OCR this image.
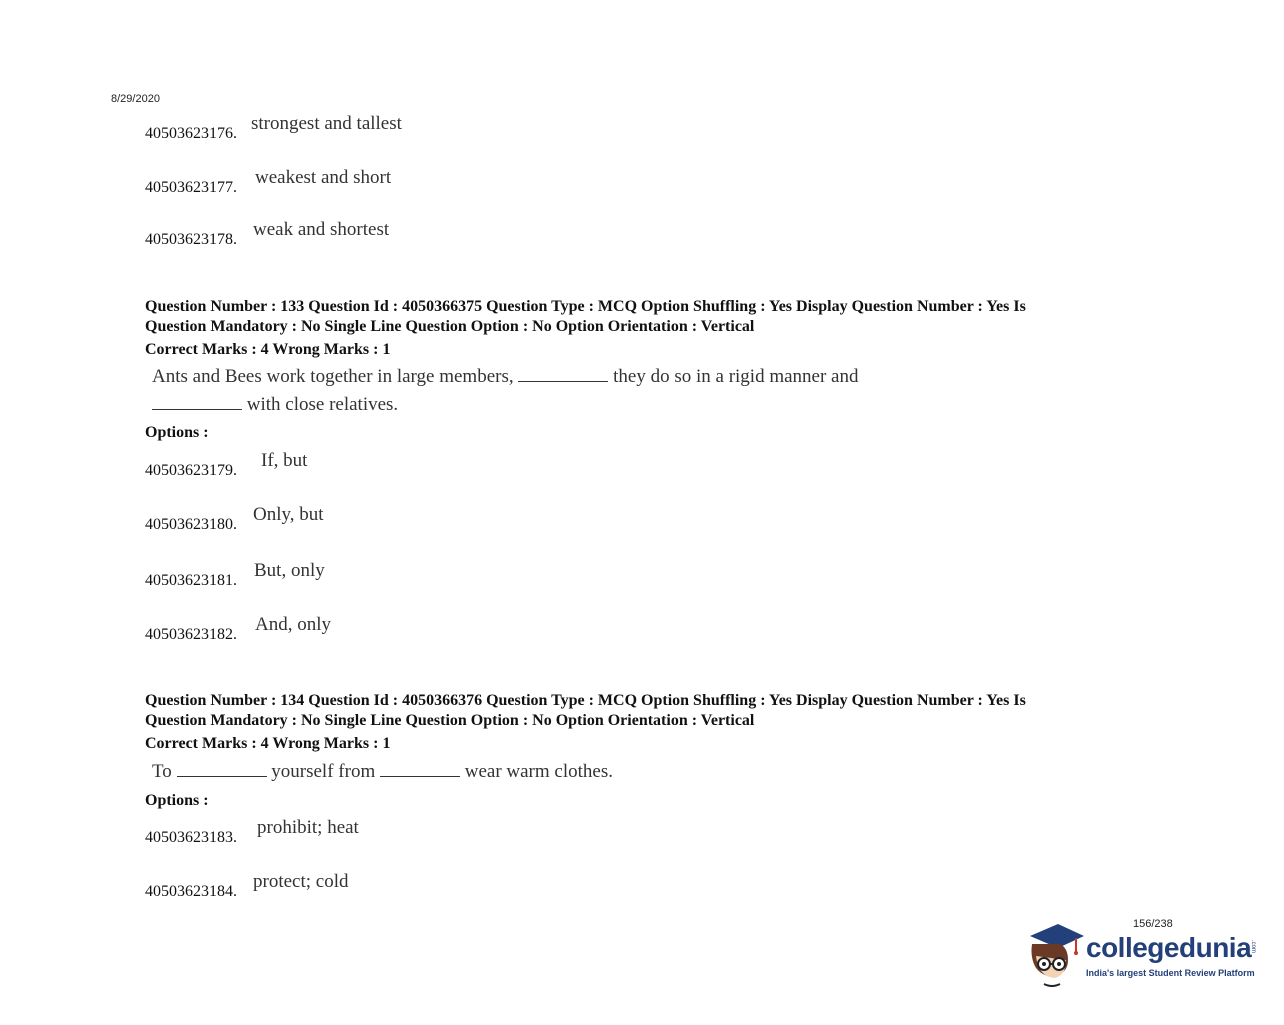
8/29/2020
40503623176. strongest and tallest
40503623177. weakest and short
40503623178. weak and shortest
Question Number : 133 Question Id : 4050366375 Question Type : MCQ Option Shuffling : Yes Display Question Number : Yes Is
Question Mandatory : No Single Line Question Option : No Option Orientation : Vertical
Correct Marks : 4 Wrong Marks : 1
Ants and Bees work together in large members,	they do so in a rigid manner and
with close relatives.
Options :
40503623179. If, but
40503623180. Only, but
40503623181. But, only
40503623182. And, only
Question Number : 134 Question Id : 4050366376 Question Type : MCQ Option Shuffling : Yes Display Question Number : Yes Is
Question Mandatory : No Single Line Question Option : No Option Orientation : Vertical
Correct Marks : 4 Wrong Marks : 1
To	yourself from	wear warm clothes.
Options :
40503623183. prohibit; heat
40503623184. protect; cold
156/238
collegedunia
.com
India's largest Student Review Platform
